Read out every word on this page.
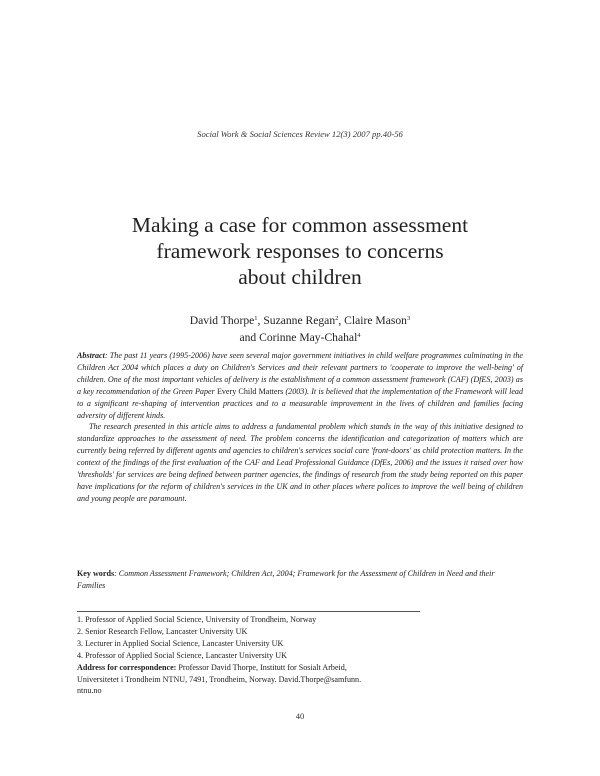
Social Work & Social Sciences Review 12(3) 2007 pp.40-56
Making a case for common assessment
framework responses to concerns
about children
David Thorpe$^1$, Suzanne Regan$^2$, Claire Mason$^3$
and Corinne May-Chahal$^4$

Abstract: The past 11 years (1995-2006) have seen several major government initiatives in child welfare programmes culminating in the Children Act 2004 which places a duty on Children's Services and their relevant partners to 'cooperate to improve the well-being' of children. One of the most important vehicles of delivery is the establishment of a common assessment framework (CAF) (DfES, 2003) as a key recommendation of the Green Paper Every Child Matters (2003). It is believed that the implementation of the Framework will lead to a significant re-shaping of intervention practices and to a measurable improvement in the lives of children and families facing adversity of different kinds.

The research presented in this article aims to address a fundamental problem which stands in the way of this initiative designed to standardize approaches to the assessment of need. The problem concerns the identification and categorization of matters which are currently being referred by different agents and agencies to children's services social care 'front-doors' as child protection matters. In the context of the findings of the first evaluation of the CAF and Lead Professional Guidance (DfEs, 2006) and the issues it raised over how 'thresholds' for services are being defined between partner agencies, the findings of research from the study being reported on this paper have implications for the reform of children's services in the UK and in other places where polices to improve the well being of children and young people are paramount.

Key words: Common Assessment Framework; Children Act, 2004; Framework for the Assessment of Children in Need and their Families
1. Professor of Applied Social Science, University of Trondheim, Norway
2. Senior Research Fellow, Lancaster University UK
3. Lecturer in Applied Social Science, Lancaster University UK
4. Professor of Applied Social Science, Lancaster University UK
Address for correspondence: Professor David Thorpe, Institutt for Sosialt Arbeid,
Universitetet i Trondheim NTNU, 7491, Trondheim, Norway. David.Thorpe@samfunn.
ntnu.no
40
